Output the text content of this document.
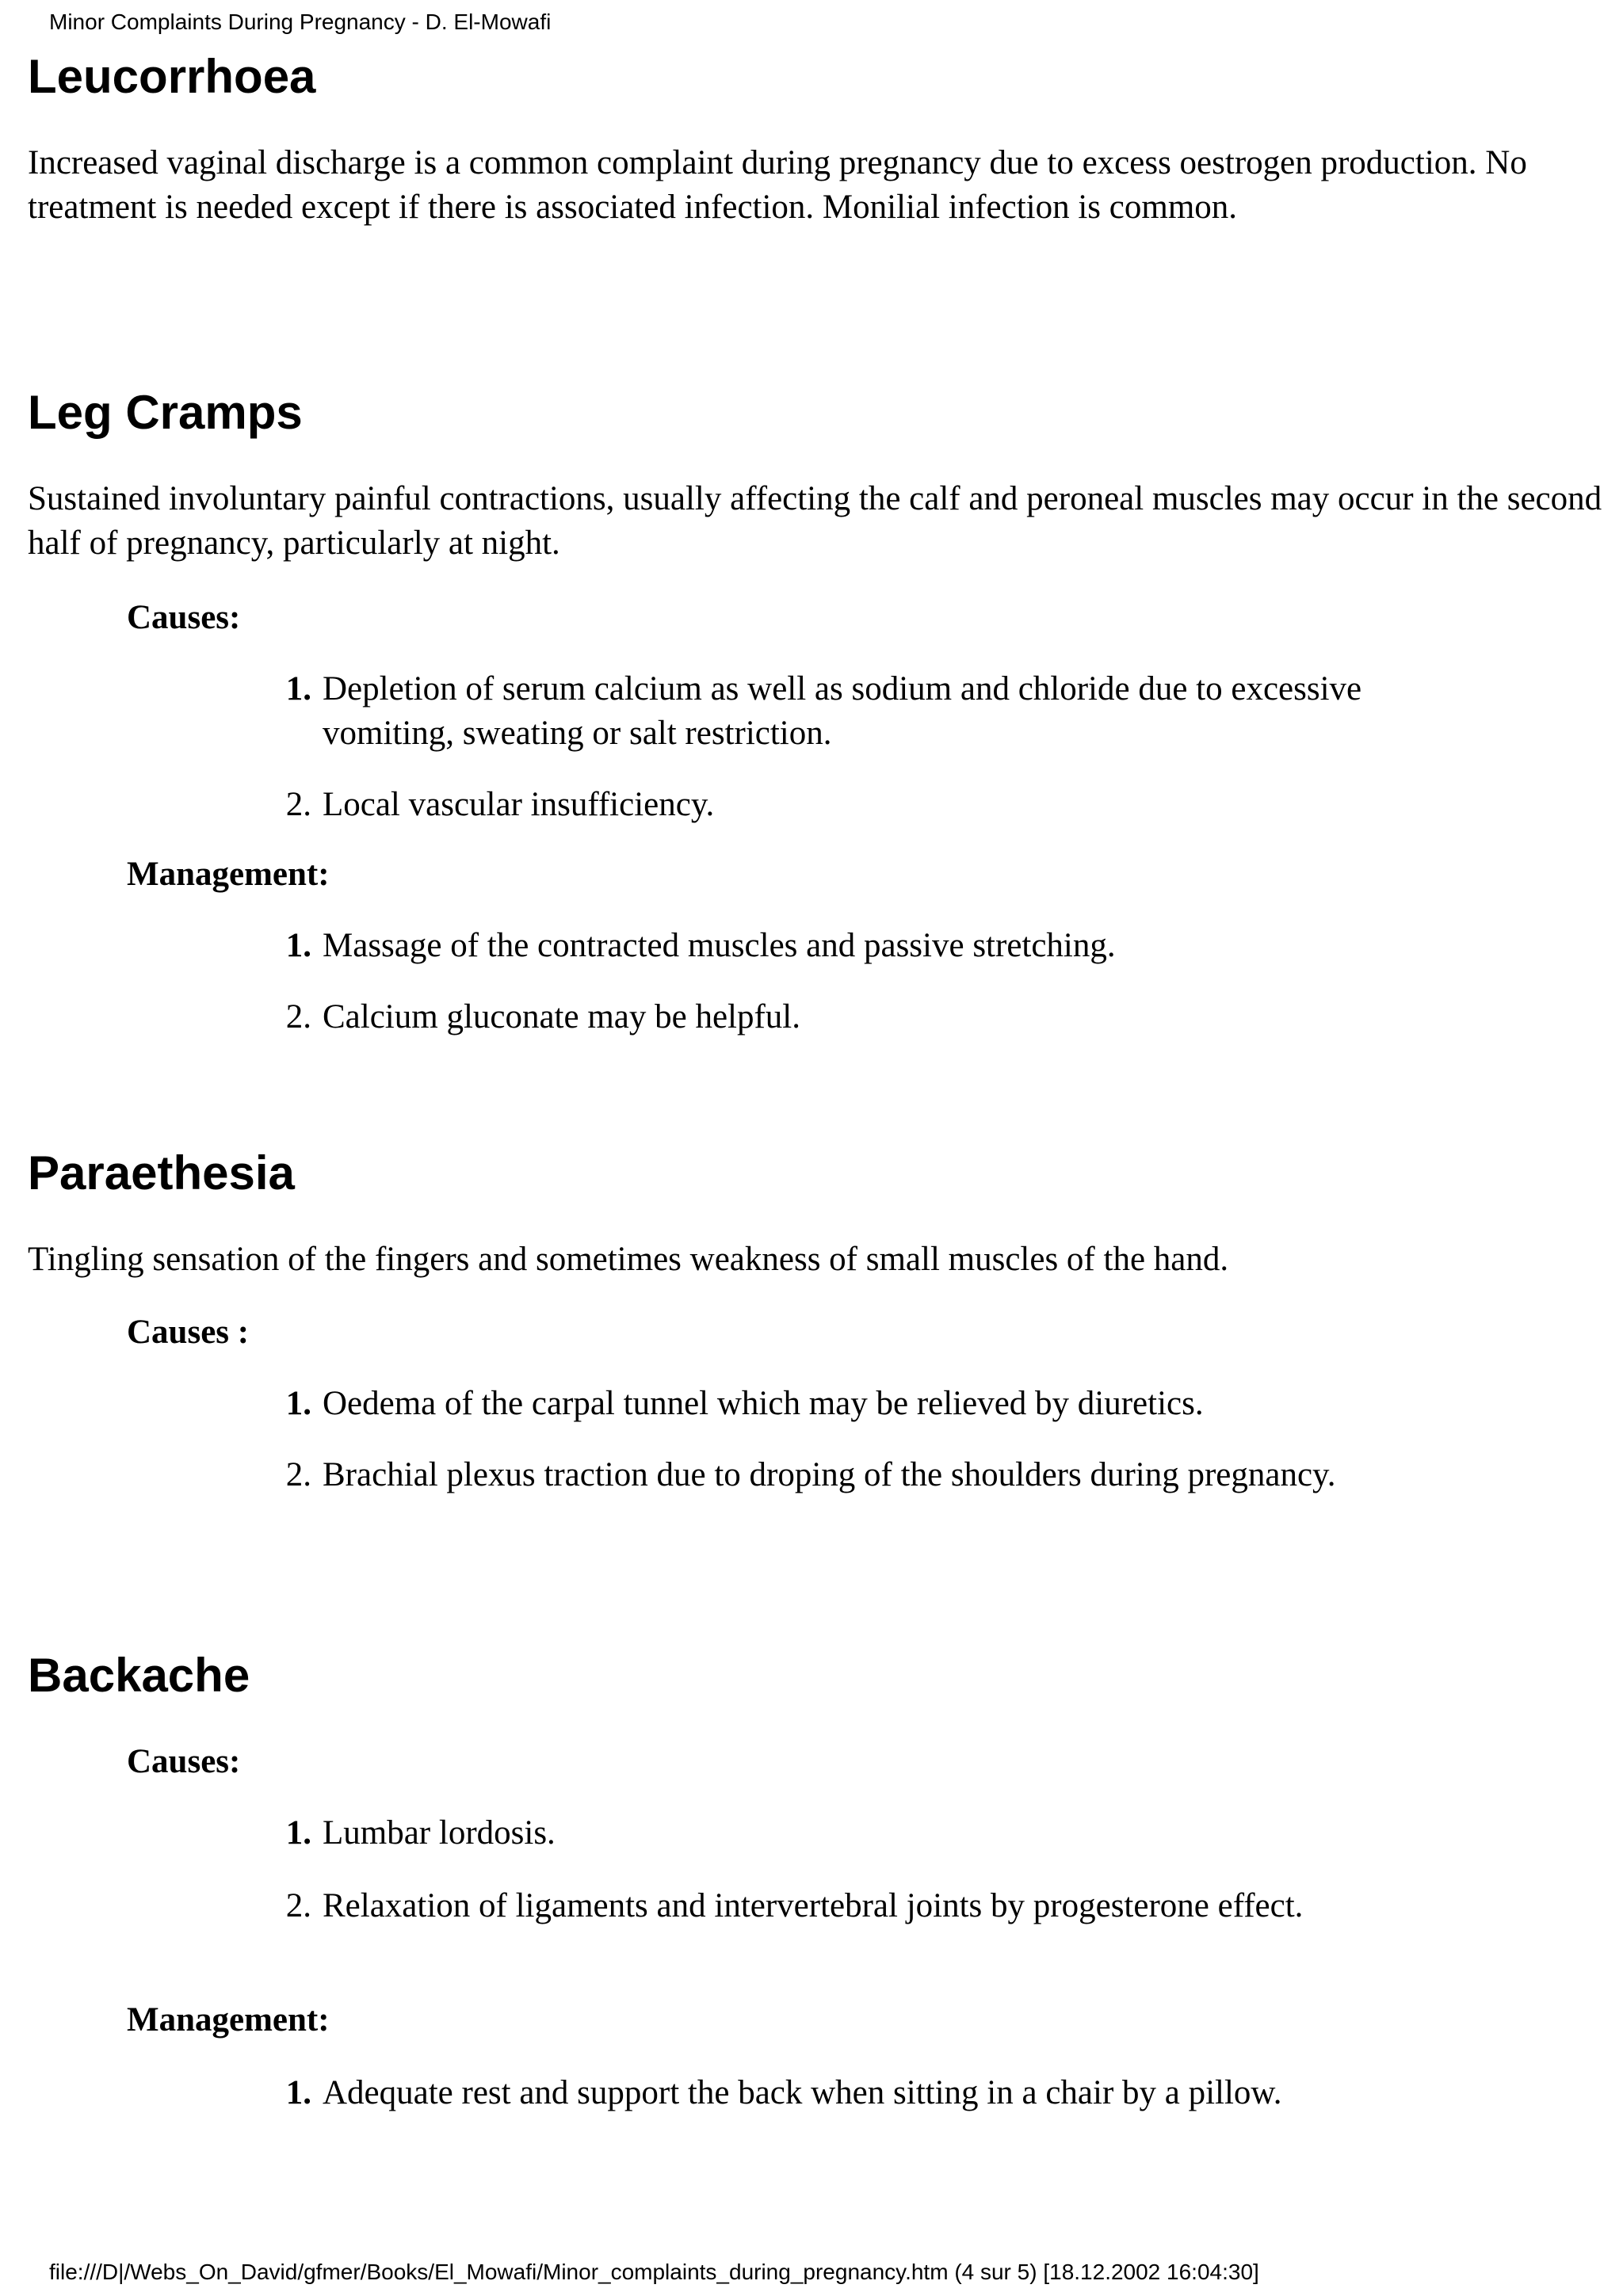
Minor Complaints During Pregnancy - D. El-Mowafi
Leucorrhoea

Increased vaginal discharge is a common complaint during pregnancy due to excess oestrogen production. No treatment is needed except if there is associated infection. Monilial infection is common.

Leg Cramps

Sustained involuntary painful contractions, usually affecting the calf and peroneal muscles may occur in the second half of pregnancy, particularly at night.

Causes:
1. Depletion of serum calcium as well as sodium and chloride due to excessive vomiting, sweating or salt restriction.
2. Local vascular insufficiency.
Management:
1. Massage of the contracted muscles and passive stretching.
2. Calcium gluconate may be helpful.
Paraethesia

Tingling sensation of the fingers and sometimes weakness of small muscles of the hand.

Causes :
1. Oedema of the carpal tunnel which may be relieved by diuretics.
2. Brachial plexus traction due to droping of the shoulders during pregnancy.
Backache
Causes:
1. Lumbar lordosis.
2. Relaxation of ligaments and intervertebral joints by progesterone effect.
Management:
1. Adequate rest and support the back when sitting in a chair by a pillow.
file:///D|/Webs_On_David/gfmer/Books/El_Mowafi/Minor_complaints_during_pregnancy.htm (4 sur 5) [18.12.2002 16:04:30]
